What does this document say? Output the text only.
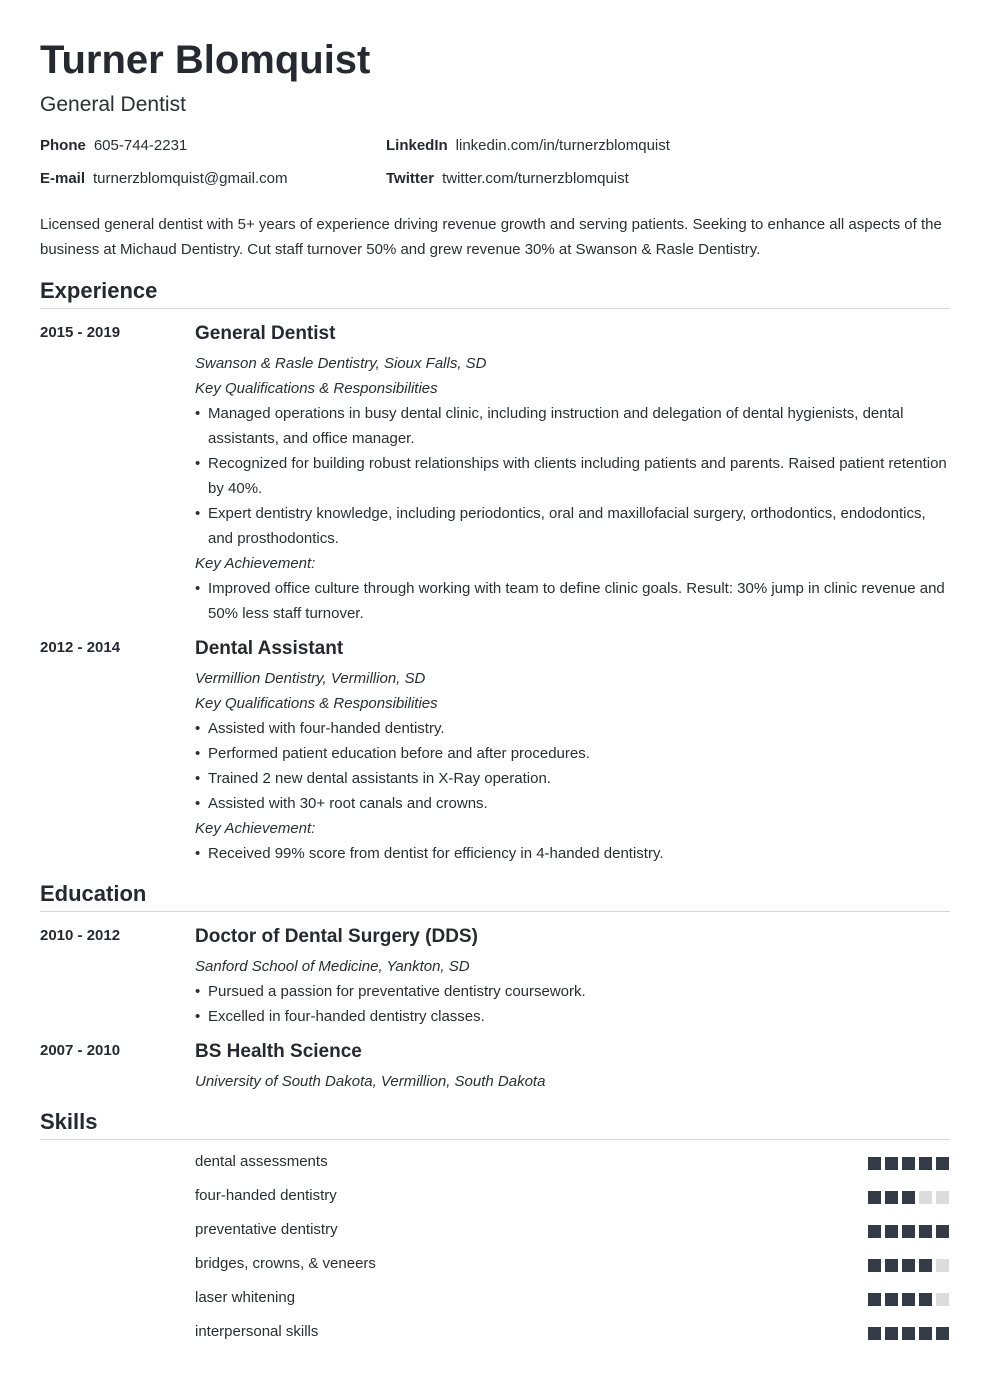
Turner Blomquist
General Dentist
Phone 605-744-2231
E-mail turnerzblomquist@gmail.com
LinkedIn linkedin.com/in/turnerzblomquist
Twitter twitter.com/turnerzblomquist
Licensed general dentist with 5+ years of experience driving revenue growth and serving patients. Seeking to enhance all aspects of the business at Michaud Dentistry. Cut staff turnover 50% and grew revenue 30% at Swanson & Rasle Dentistry.
Experience
2015 - 2019	General Dentist
Swanson & Rasle Dentistry, Sioux Falls, SD
Key Qualifications & Responsibilities
• Managed operations in busy dental clinic, including instruction and delegation of dental hygienists, dental assistants, and office manager.
• Recognized for building robust relationships with clients including patients and parents. Raised patient retention by 40%.
• Expert dentistry knowledge, including periodontics, oral and maxillofacial surgery, orthodontics, endodontics, and prosthodontics.
Key Achievement:
• Improved office culture through working with team to define clinic goals. Result: 30% jump in clinic revenue and 50% less staff turnover.
2012 - 2014	Dental Assistant
Vermillion Dentistry, Vermillion, SD
Key Qualifications & Responsibilities
• Assisted with four-handed dentistry.
• Performed patient education before and after procedures.
• Trained 2 new dental assistants in X-Ray operation.
• Assisted with 30+ root canals and crowns.
Key Achievement:
• Received 99% score from dentist for efficiency in 4-handed dentistry.
Education
2010 - 2012	Doctor of Dental Surgery (DDS)
Sanford School of Medicine, Yankton, SD
• Pursued a passion for preventative dentistry coursework.
• Excelled in four-handed dentistry classes.
2007 - 2010	BS Health Science
University of South Dakota, Vermillion, South Dakota
Skills
dental assessments
four-handed dentistry
preventative dentistry
bridges, crowns, & veneers
laser whitening
interpersonal skills
